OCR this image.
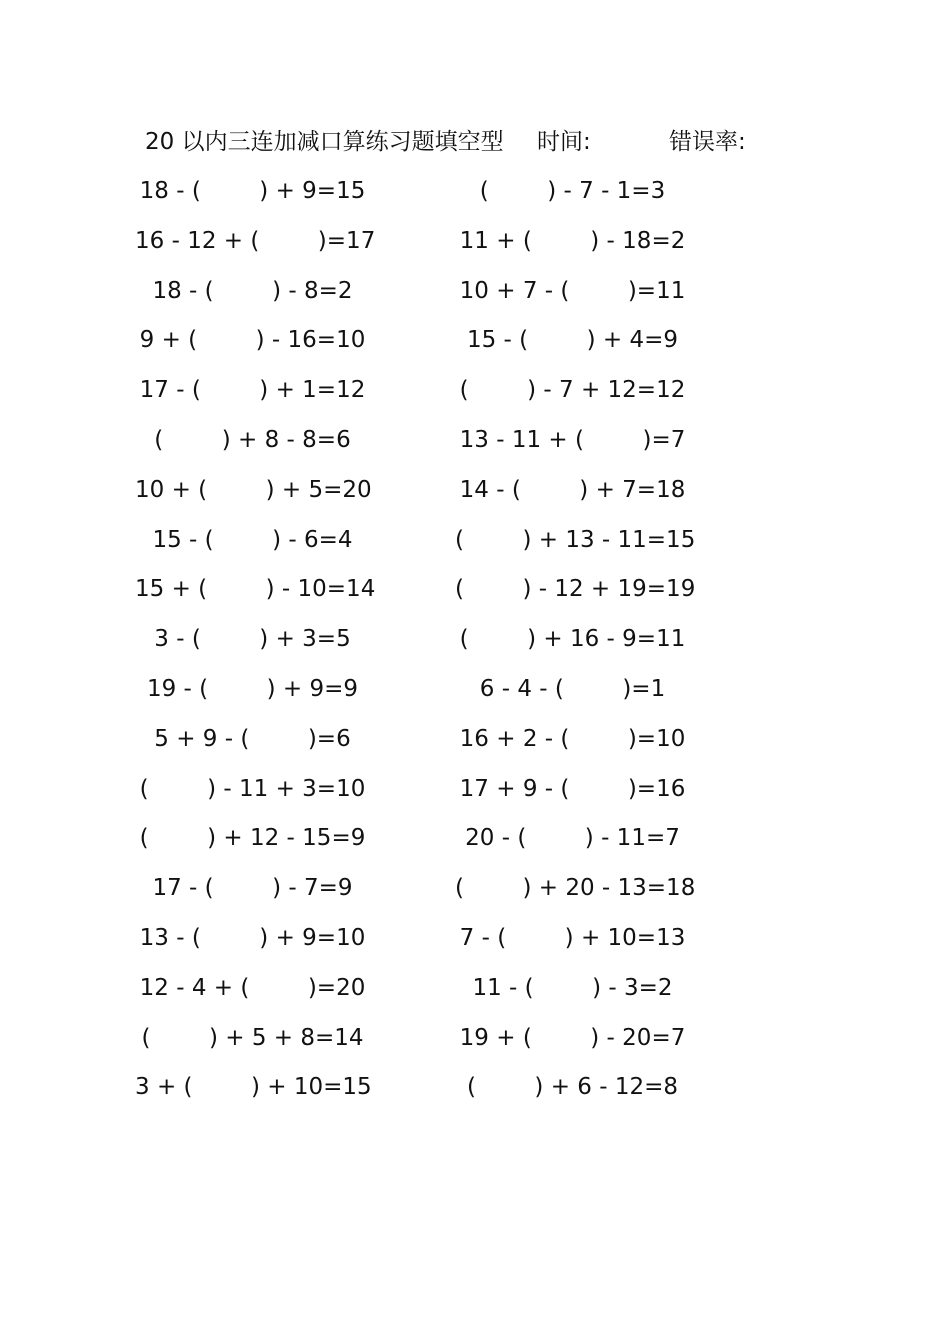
20 以内三连加减口算练习题填空型 时间:	错误率:
18 - (        ) + 9=15
16 - 12 + (        )=17
18 - (        ) - 8=2
9 + (        ) - 16=10
17 - (        ) + 1=12
(        ) + 8 - 8=6
10 + (        ) + 5=20
15 - (        ) - 6=4
15 + (        ) - 10=14
3 - (        ) + 3=5
19 - (        ) + 9=9
5 + 9 - (        )=6
(        ) - 11 + 3=10
(        ) + 12 - 15=9
17 - (        ) - 7=9
13 - (        ) + 9=10
12 - 4 + (        )=20
(        ) + 5 + 8=14
3 + (        ) + 10=15
(        ) - 7 - 1=3
11 + (        ) - 18=2
10 + 7 - (        )=11
15 - (        ) + 4=9
(        ) - 7 + 12=12
13 - 11 + (        )=7
14 - (        ) + 7=18
(        ) + 13 - 11=15
(        ) - 12 + 19=19
(        ) + 16 - 9=11
6 - 4 - (        )=1
16 + 2 - (        )=10
17 + 9 - (        )=16
20 - (        ) - 11=7
(        ) + 20 - 13=18
7 - (        ) + 10=13
11 - (        ) - 3=2
19 + (        ) - 20=7
(        ) + 6 - 12=8
